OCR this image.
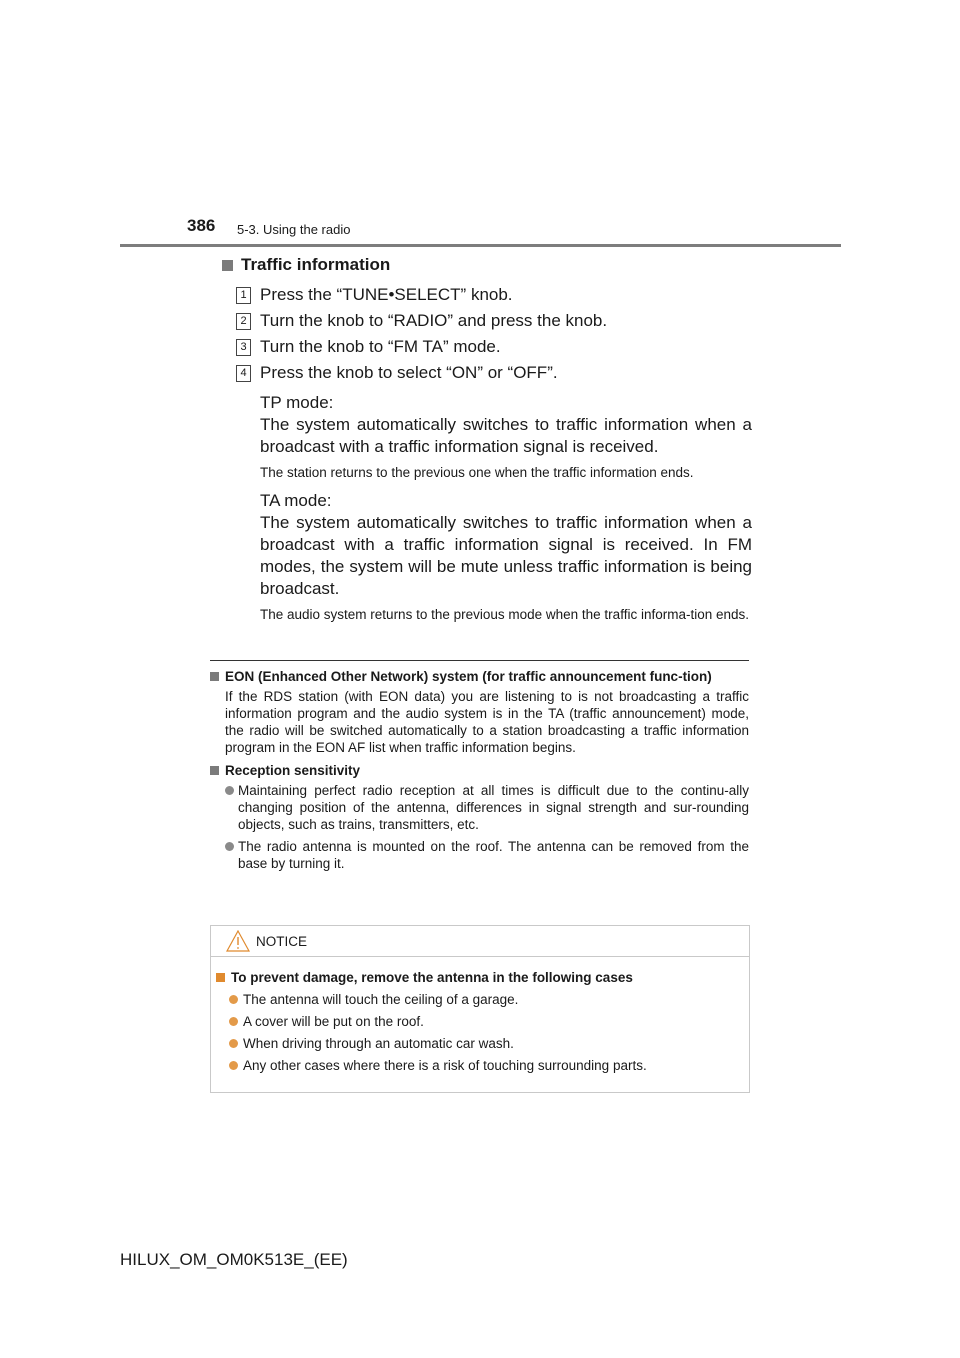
386 5-3. Using the radio
Traffic information
1 Press the “TUNE•SELECT” knob.
2 Turn the knob to “RADIO” and press the knob.
3 Turn the knob to “FM TA” mode.
4 Press the knob to select “ON” or “OFF”.
TP mode:
The system automatically switches to traffic information when a broadcast with a traffic information signal is received.
The station returns to the previous one when the traffic information ends.
TA mode:
The system automatically switches to traffic information when a broadcast with a traffic information signal is received. In FM modes, the system will be mute unless traffic information is being broadcast.
The audio system returns to the previous mode when the traffic informa-tion ends.
EON (Enhanced Other Network) system (for traffic announcement func-tion)
If the RDS station (with EON data) you are listening to is not broadcasting a traffic information program and the audio system is in the TA (traffic announcement) mode, the radio will be switched automatically to a station broadcasting a traffic information program in the EON AF list when traffic information begins.
Reception sensitivity
Maintaining perfect radio reception at all times is difficult due to the continu-ally changing position of the antenna, differences in signal strength and sur-rounding objects, such as trains, transmitters, etc.
The radio antenna is mounted on the roof. The antenna can be removed from the base by turning it.
NOTICE
To prevent damage, remove the antenna in the following cases
The antenna will touch the ceiling of a garage.
A cover will be put on the roof.
When driving through an automatic car wash.
Any other cases where there is a risk of touching surrounding parts.
HILUX_OM_OM0K513E_(EE)
